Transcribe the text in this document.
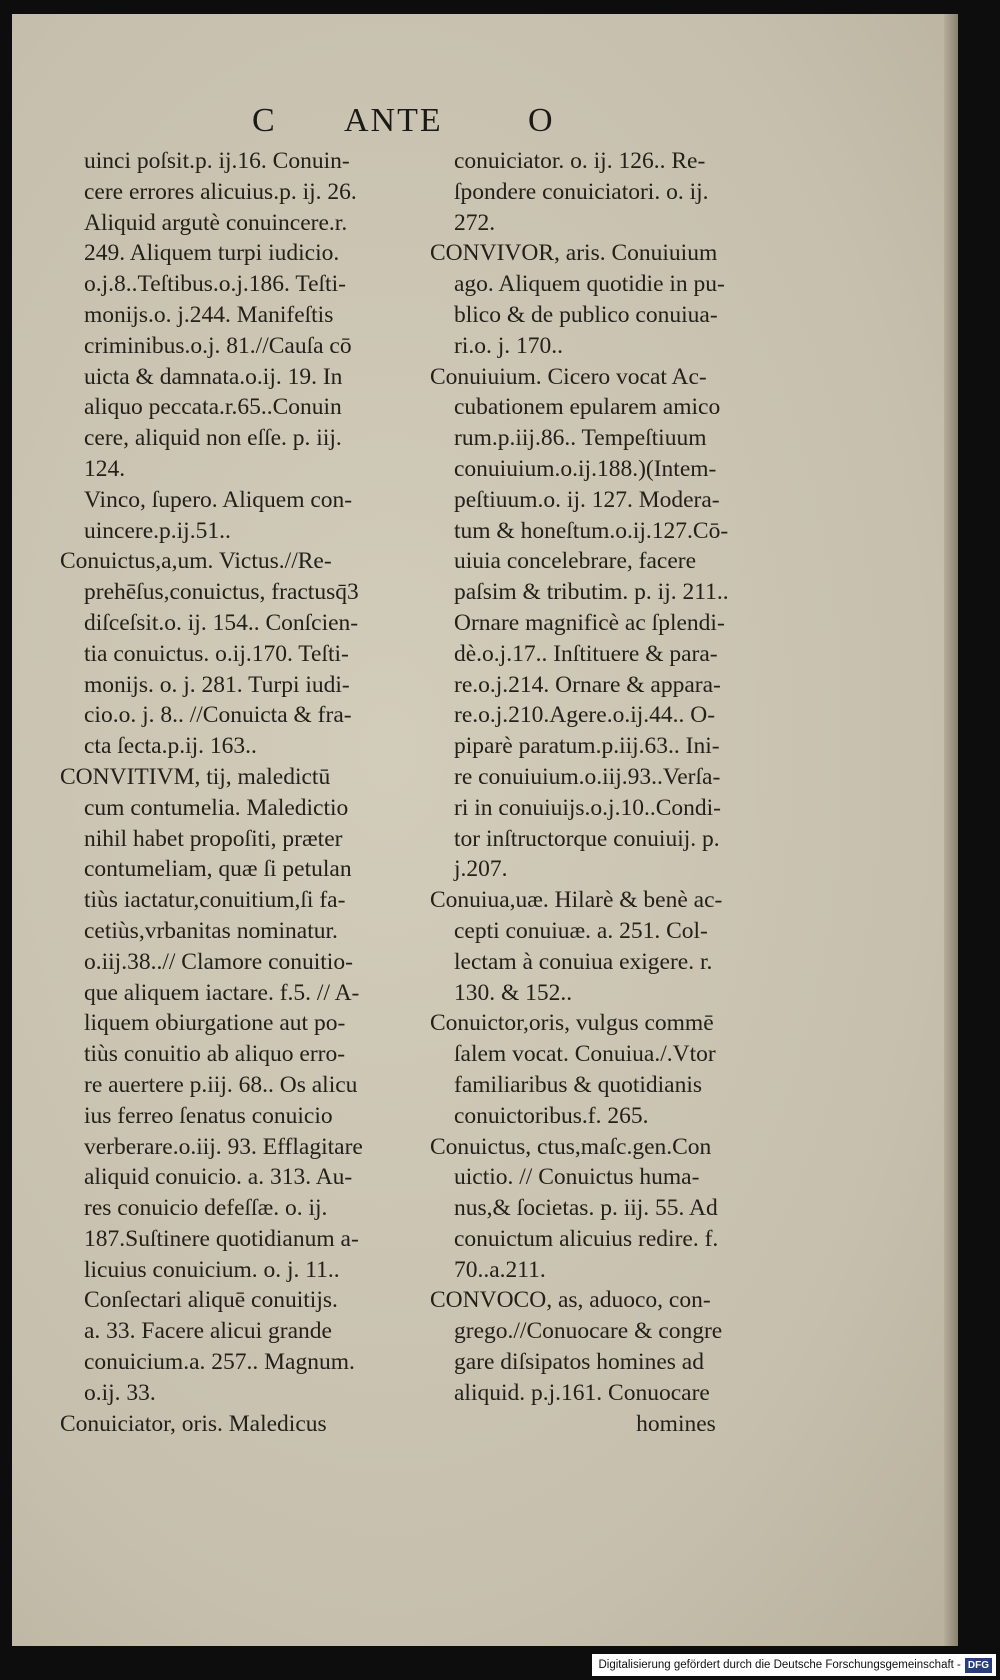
C ANTE	O

uinci poſsit.p. ij.16. Conuin-
cere errores alicuius.p. ij. 26.
Aliquid argutè conuincere.r.
249. Aliquem turpi iudicio.
o.j.8..Teſtibus.o.j.186. Teſti-
monijs.o. j.244. Manifeſtis
criminibus.o.j. 81.//Cauſa cō
uicta & damnata.o.ij. 19. In
aliquo peccata.r.65..Conuin
cere, aliquid non eſſe. p. iij.
124.

Vinco, ſupero. Aliquem con-
uincere.p.ij.51..

Conuictus,a,um. Victus.//Re-
prehēſus,conuictus, fractusq̄3
diſceſsit.o. ij. 154.. Conſcien-
tia conuictus. o.ij.170. Teſti-
monijs. o. j. 281. Turpi iudi-
cio.o. j. 8.. //Conuicta & fra-
cta ſecta.p.ij. 163..

CONVITIVM, tij, maledictū
cum contumelia. Maledictio
nihil habet propoſiti, præter
contumeliam, quæ ſi petulan
tiùs iactatur,conuitium,ſi fa-
cetiùs,vrbanitas nominatur.
o.iij.38..// Clamore conuitio-
que aliquem iactare. f.5. // A-
liquem obiurgatione aut po-
tiùs conuitio ab aliquo erro-
re auertere p.iij. 68.. Os alicu
ius ferreo ſenatus conuicio
verberare.o.iij. 93. Efflagitare
aliquid conuicio. a. 313. Au-
res conuicio defeſſæ. o. ij.
187.Suſtinere quotidianum a-
licuius conuicium. o. j. 11..
Conſectari aliquē conuitijs.
a. 33. Facere alicui grande
conuicium.a. 257.. Magnum.
o.ij. 33.

Conuiciator, oris. Maledicus

conuiciator. o. ij. 126.. Re-
ſpondere conuiciatori. o. ij.
272.

CONVIVOR, aris. Conuiuium
ago. Aliquem quotidie in pu-
blico & de publico conuiua-
ri.o. j. 170..

Conuiuium. Cicero vocat Ac-
cubationem epularem amico
rum.p.iij.86.. Tempeſtiuum
conuiuium.o.ij.188.)(Intem-
peſtiuum.o. ij. 127. Modera-
tum & honeſtum.o.ij.127.Cō-
uiuia concelebrare, facere
paſsim & tributim. p. ij. 211..
Ornare magnificè ac ſplendi-
dè.o.j.17.. Inſtituere & para-
re.o.j.214. Ornare & appara-
re.o.j.210.Agere.o.ij.44.. O-
piparè paratum.p.iij.63.. Ini-
re conuiuium.o.iij.93..Verſa-
ri in conuiuijs.o.j.10..Condi-
tor inſtructorque conuiuij. p.
j.207.

Conuiua,uæ. Hilarè & benè ac-
cepti conuiuæ. a. 251. Col-
lectam à conuiua exigere. r.
130. & 152..

Conuictor,oris, vulgus commē
ſalem vocat. Conuiua./.Vtor
familiaribus & quotidianis
conuictoribus.f. 265.

Conuictus, ctus,maſc.gen.Con
uictio. // Conuictus huma-
nus,& ſocietas. p. iij. 55. Ad
conuictum alicuius redire. f.
70..a.211.

CONVOCO, as, aduoco, con-
grego.//Conuocare & congre
gare diſsipatos homines ad
aliquid. p.j.161. Conuocare

homines

Digitalisierung gefördert durch die Deutsche Forschungsgemeinschaft - DFG
